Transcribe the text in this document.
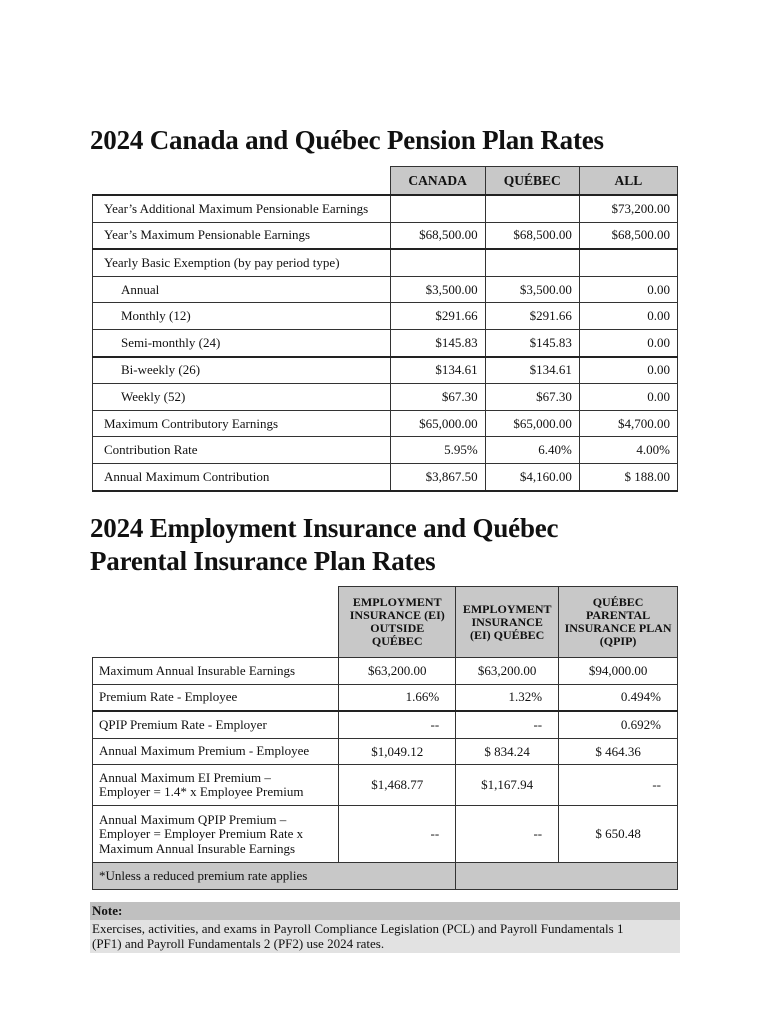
2024 Canada and Québec Pension Plan Rates
	CANADA	QUÉBEC	ALL
Year’s Additional Maximum Pensionable Earnings			$73,200.00
Year’s Maximum Pensionable Earnings	$68,500.00	$68,500.00	$68,500.00
Yearly Basic Exemption (by pay period type)			
Annual	$3,500.00	$3,500.00	0.00
Monthly (12)	$291.66	$291.66	0.00
Semi-monthly (24)	$145.83	$145.83	0.00
Bi-weekly (26)	$134.61	$134.61	0.00
Weekly (52)	$67.30	$67.30	0.00
Maximum Contributory Earnings	$65,000.00	$65,000.00	$4,700.00
Contribution Rate	5.95%	6.40%	4.00%
Annual Maximum Contribution	$3,867.50	$4,160.00	$ 188.00
2024 Employment Insurance and Québec
Parental Insurance Plan Rates
	EMPLOYMENT
INSURANCE (EI)
OUTSIDE
QUÉBEC	EMPLOYMENT
INSURANCE
(EI) QUÉBEC	QUÉBEC
PARENTAL
INSURANCE PLAN
(QPIP)
Maximum Annual Insurable Earnings	$63,200.00	$63,200.00	$94,000.00
Premium Rate - Employee	1.66%	1.32%	0.494%
QPIP Premium Rate - Employer	--	--	0.692%
Annual Maximum Premium - Employee	$1,049.12	$ 834.24	$ 464.36
Annual Maximum EI Premium –
Employer = 1.4* x Employee Premium	$1,468.77	$1,167.94	--
Annual Maximum QPIP Premium –
Employer = Employer Premium Rate x
Maximum Annual Insurable Earnings	--	--	$ 650.48
*Unless a reduced premium rate applies			
Note:
Exercises, activities, and exams in Payroll Compliance Legislation (PCL) and Payroll Fundamentals 1
(PF1) and Payroll Fundamentals 2 (PF2) use 2024 rates.
